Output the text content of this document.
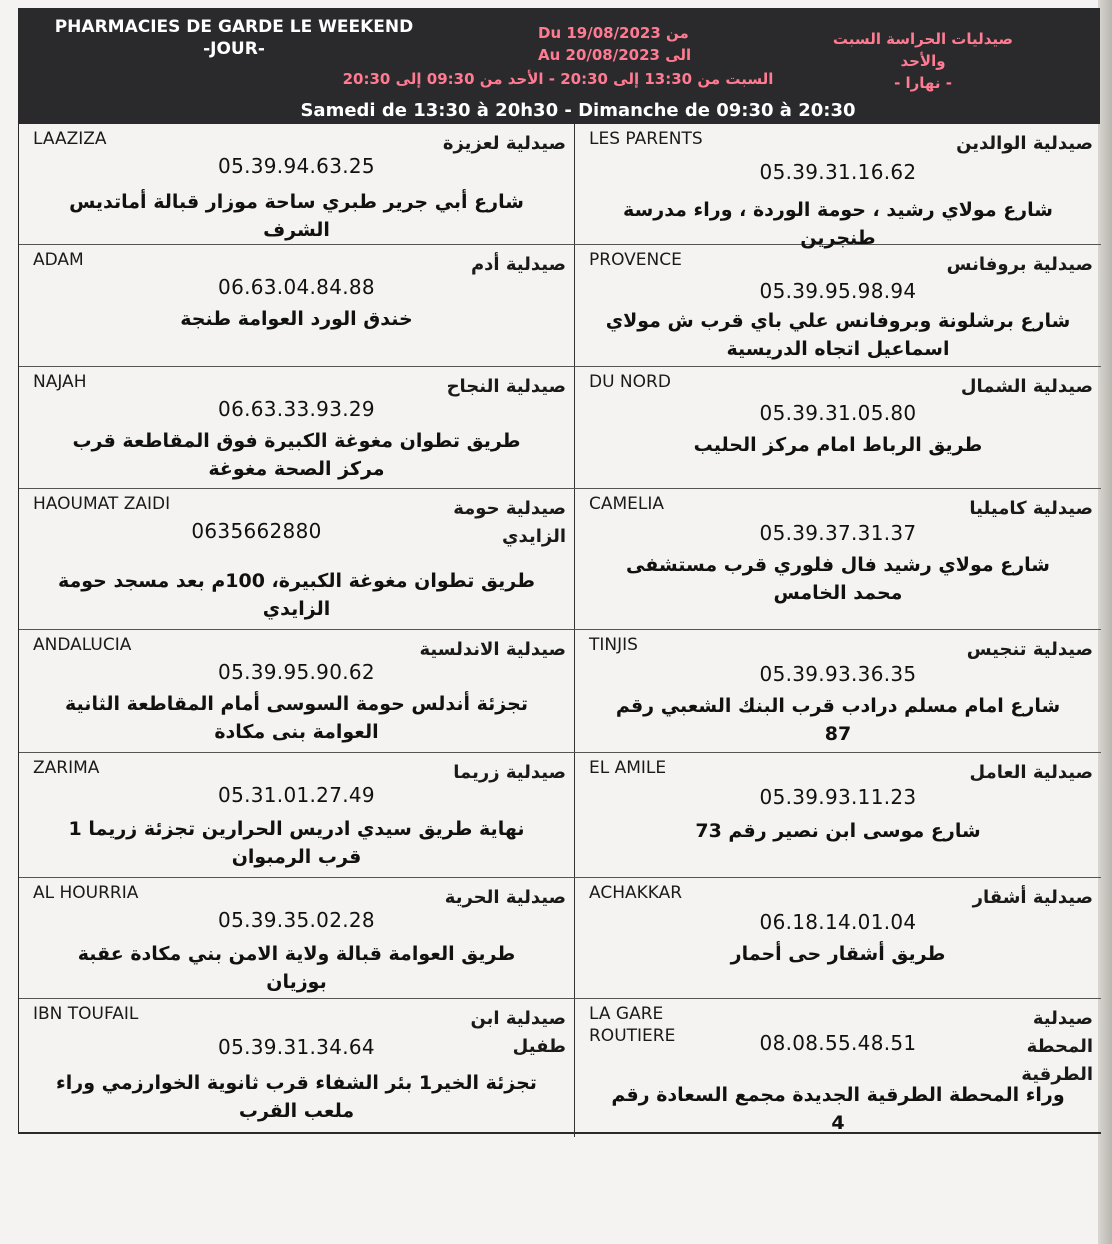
PHARMACIES DE GARDE LE WEEKEND
-JOUR-
Du 19/08/2023 من
Au 20/08/2023 الى
صيدليات الحراسة السبت والأحد
- نهارا -
السبت من 13:30 إلى 20:30 - الأحد من 09:30 إلى 20:30
Samedi de 13:30 à 20h30 - Dimanche de 09:30 à 20:30
LAAZIZA	صيدلية لعزيزة
05.39.94.63.25
شارع أبي جرير طبري ساحة موزار قبالة أماتديس الشرف
LES PARENTS	صيدلية الوالدين
05.39.31.16.62
شارع مولاي رشيد ، حومة الوردة ، وراء مدرسة طنجرين
ADAM	صيدلية أدم
06.63.04.84.88
خندق الورد العوامة طنجة
PROVENCE	صيدلية بروفانس
05.39.95.98.94
شارع برشلونة وبروفانس علي باي قرب ش مولاي اسماعيل اتجاه الدريسية
NAJAH	صيدلية النجاح
06.63.33.93.29
طريق تطوان مغوغة الكبيرة فوق المقاطعة قرب مركز الصحة مغوغة
DU NORD	صيدلية الشمال
05.39.31.05.80
طريق الرباط امام مركز الحليب
HAOUMAT ZAIDI	صيدلية حومة الزايدي
0635662880
طريق تطوان مغوغة الكبيرة، 100م بعد مسجد حومة الزايدي
CAMELIA	صيدلية كاميليا
05.39.37.31.37
شارع مولاي رشيد فال فلوري قرب مستشفى محمد الخامس
ANDALUCIA	صيدلية الاندلسية
05.39.95.90.62
تجزئة أندلس حومة السوسى أمام المقاطعة الثانية العوامة بنى مكادة
TINJIS	صيدلية تنجيس
05.39.93.36.35
شارع امام مسلم درادب قرب البنك الشعبي رقم 87
ZARIMA	صيدلية زريما
05.31.01.27.49
نهاية طريق سيدي ادريس الحرارين تجزئة زريما 1 قرب الرمبوان
EL AMILE	صيدلية العامل
05.39.93.11.23
شارع موسى ابن نصير رقم 73
AL HOURRIA	صيدلية الحرية
05.39.35.02.28
طريق العوامة قبالة ولاية الامن بني مكادة عقبة بوزيان
ACHAKKAR	صيدلية أشقار
06.18.14.01.04
طريق أشقار حى أحمار
IBN TOUFAIL	صيدلية ابن طفيل
05.39.31.34.64
تجزئة الخير1 بئر الشفاء قرب ثانوية الخوارزمي وراء ملعب القرب
LA GARE ROUTIERE
صيدلية المحطة الطرقية
08.08.55.48.51
وراء المحطة الطرقية الجديدة مجمع السعادة رقم 4
